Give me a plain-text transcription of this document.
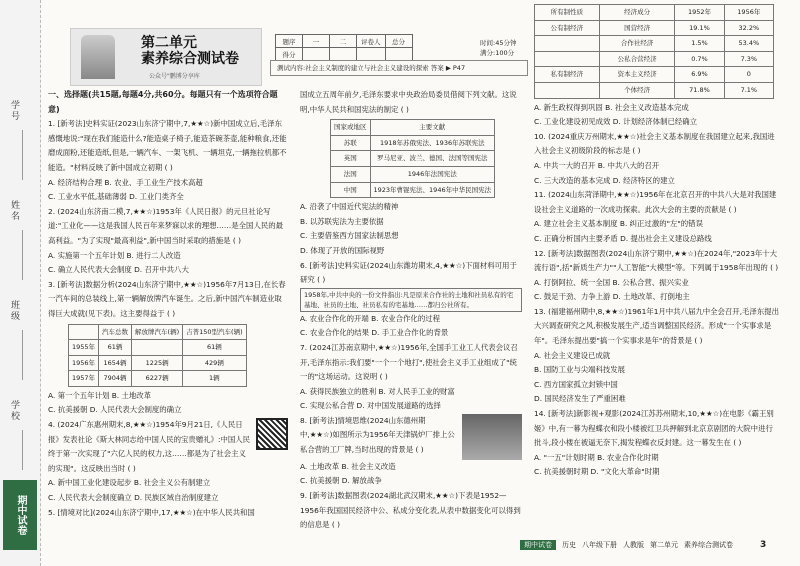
学号
姓名
班级
学校
期中试卷
第二单元
素养综合测试卷
公众号"鹏博分享库
题序	一	二	评卷人	总分
得分				
时间:45分钟
满分:100分
测试内容:社会主义制度的建立与社会主义建设的探索 答案 ▶ P47

一、选择题(共15题,每题4分,共60分。每题只有一个选项符合题意)

1. [新考法]史料实证(2023山东济宁期中,7,★★☆)新中国成立后,毛泽东感慨地说:"现在我们能造什么?能造桌子椅子,能造茶碗茶壶,能种粮食,还能磨成面粉,还能造纸,但是,一辆汽车、一架飞机、一辆坦克,一辆拖拉机都不能造。"材料反映了新中国成立初期 ( )

A. 经济结构合理 B. 农业、手工业生产技术高超

C. 工业水平低,基础薄弱 D. 工业门类齐全

2. (2024山东济南二模,7,★★☆)1953年《人民日报》的元旦社论写道:"工业化——这是我国人民百年来梦寐以求的理想……是全国人民的最高利益。"为了实现"最高利益",新中国当时采取的措施是 ( )

A. 实施第一个五年计划 B. 进行二人改造

C. 确立人民代表大会制度 D. 召开中共八大

3. [新考法]数据分析(2024山东济宁期中,★★☆)1956年7月13日,在长春一汽车间的总装线上,第一辆解放牌汽车诞生。之后,新中国汽车制造业取得巨大成就(见下表)。这主要得益于 ( )

	汽车总数	解放牌汽车(辆)	吉普150型汽车(辆)
1955年	61辆		61辆
1956年	1654辆	1225辆	429辆
1957年	7904辆	6227辆	1辆

A. 第一个五年计划 B. 土地改革

C. 抗美援朝 D. 人民代表大会制度的确立

4. (2024广东惠州期末,8,★★☆)1954年9月21日,《人民日报》发表社论《斯大林同志给中国人民的宝贵赠礼》:中国人民终于第一次实现了"六亿人民的权力,这……都是为了社会主义的实现"。这反映出当时 ( )

A. 新中国工业化建设起步 B. 社会主义公有制建立

C. 人民代表大会制度确立 D. 民族区域自治制度建立

5. [情境对比](2024山东济宁期中,17,★★☆)在中华人民共和国

国成立五周年前夕,毛泽东要求中央政治局委员借阅下列文献。这说明,中华人民共和国宪法的制定 ( )

国家或地区	主要文献
苏联	1918年苏俄宪法、1936年苏联宪法
英国	罗马尼亚、波兰、德国、法国等国宪法
法国	1946年法国宪法
中国	1923年曹锟宪法、1946年中华民国宪法

A. 沿袭了中国近代宪法的精神

B. 以苏联宪法为主要依据

C. 主要借鉴西方国家法制思想

D. 体现了开放的国际视野

6. [新考法]史料实证(2024山东潍坊期末,4,★★☆)下面材料可用于研究 ( )

1958年,中共中央的一份文件指出:凡是原来合作社的土地和社员私有的宅基地、社员的土地、社员私有的宅基地……都归公社所有。

A. 农业合作化的开端 B. 农业合作化的过程

C. 农业合作化的结果 D. 手工业合作化的背景

7. (2024江苏南京期中,★★☆)1956年,全国手工业工人代表会议召开,毛泽东指示:我们要"一个一个地打",使社会主义手工业组成了"统一的"这场运动。这说明 ( )

A. 获得民族独立的胜利 B. 对人民手工业的财富

C. 实现公私合营 D. 对中国发展道路的选择

8. [新考法]情境思维(2024山东德州期中,★★☆)如图所示为1956年天津锅炉厂排上公私合营的工厂牌,当时出现的背景是 ( )

A. 土地改革 B. 社会主义改造

C. 抗美援朝 D. 解放战争

9. [新考法]数据图表(2024湖北武汉期末,★★☆)下表是1952—1956年我国国民经济中公、私成分变化表,从表中数据变化可以得到的信息是 ( )

所有制性质	经济成分	1952年	1956年
公有制经济	国营经济	19.1%	32.2%
	合作社经济	1.5%	53.4%
	公私合营经济	0.7%	7.3%
私有制经济	资本主义经济	6.9%	0
	个体经济	71.8%	7.1%

A. 新生政权得到巩固 B. 社会主义改造基本完成

C. 工业化建设初见成效 D. 计划经济体制已经确立

10. (2024重庆万州期末,★★☆)社会主义基本制度在我国建立起来,我国进入社会主义初级阶段的标志是 ( )

A. 中共一大的召开 B. 中共八大的召开

C. 三大改造的基本完成 D. 经济特区的建立

11. (2024山东菏泽期中,★★☆)1956年在北京召开的中共八大是对我国建设社会主义道路的一次成功探索。此次大会的主要的贡献是 ( )

A. 建立社会主义基本制度 B. 纠正过激的"左"的错误

C. 正确分析国内主要矛盾 D. 提出社会主义建设总路线

12. [新考法]数据图表(2024山东济宁期中,★★☆)在2024年,"2023年十大流行语",括"新质生产力""人工智能"大模型"等。下列属于1958年出现的 ( )

A. 打倒阿拉、统一全国 B. 公私合营、振兴实业

C. 鼓足干劲、力争上游 D. 土地改革、打倒地主

13. (福建福州期中,8,★★☆)1961年1月中共八届九中全会召开,毛泽东提出大兴调查研究之风,积极发展生产,适当调整国民经济。形成"一个实事求是年"。毛泽东提出要"搞一个实事求是年"的背景是 ( )

A. 社会主义建设已成就

B. 国防工业与尖端科技发展

C. 西方国家孤立封锁中国

D. 国民经济发生了严重困难

14. [新考法]新影视+观影(2024江苏苏州期末,10,★★☆)在电影《霸王别姬》中,有一幕为程蝶衣和段小楼被红卫兵押解到北京京剧团的大院中进行批斗,段小楼在被逼无奈下,揭发程蝶衣反封建。这一幕发生在 ( )

A. "一五"计划时期 B. 农业合作化时期

C. 抗美援朝时期 D. "文化大革命"时期

期中试卷	历史 八年级下册 人教版 第二单元 素养综合测试卷	3
